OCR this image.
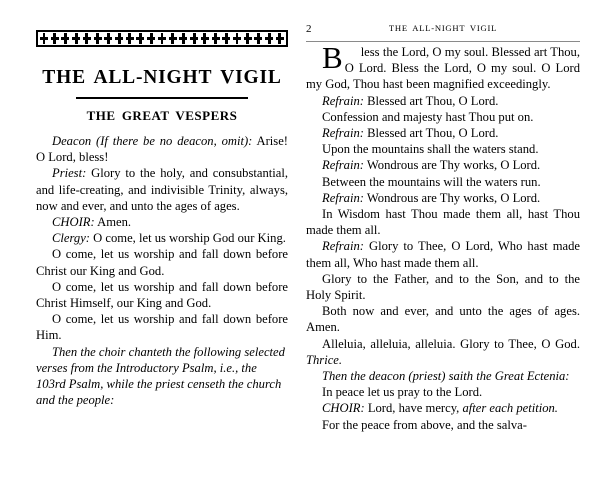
THE ALL-NIGHT VIGIL
THE GREAT VESPERS

Deacon (If there be no deacon, omit): Arise! O Lord, bless!

Priest: Glory to the holy, and consubstantial, and life-creating, and indivisible Trinity, always, now and ever, and unto the ages of ages.

CHOIR: Amen.

Clergy: O come, let us worship God our King.

O come, let us worship and fall down before Christ our King and God.

O come, let us worship and fall down before Christ Himself, our King and God.

O come, let us worship and fall down before Him.

Then the choir chanteth the following selected verses from the Introductory Psalm, i.e., the 103rd Psalm, while the priest censeth the church and the people:

2	THE ALL-NIGHT VIGIL

B less the Lord, O my soul. Blessed art Thou, O Lord. Bless the Lord, O my soul. O Lord my God, Thou hast been magnified exceedingly.

Refrain: Blessed art Thou, O Lord.

Confession and majesty hast Thou put on.

Refrain: Blessed art Thou, O Lord.

Upon the mountains shall the waters stand.

Refrain: Wondrous are Thy works, O Lord.

Between the mountains will the waters run.

Refrain: Wondrous are Thy works, O Lord.

In Wisdom hast Thou made them all, hast Thou made them all.

Refrain: Glory to Thee, O Lord, Who hast made them all, Who hast made them all.

Glory to the Father, and to the Son, and to the Holy Spirit.

Both now and ever, and unto the ages of ages. Amen.

Alleluia, alleluia, alleluia. Glory to Thee, O God. Thrice.

Then the deacon (priest) saith the Great Ectenia:

In peace let us pray to the Lord.

CHOIR: Lord, have mercy, after each petition.

For the peace from above, and the salva-
